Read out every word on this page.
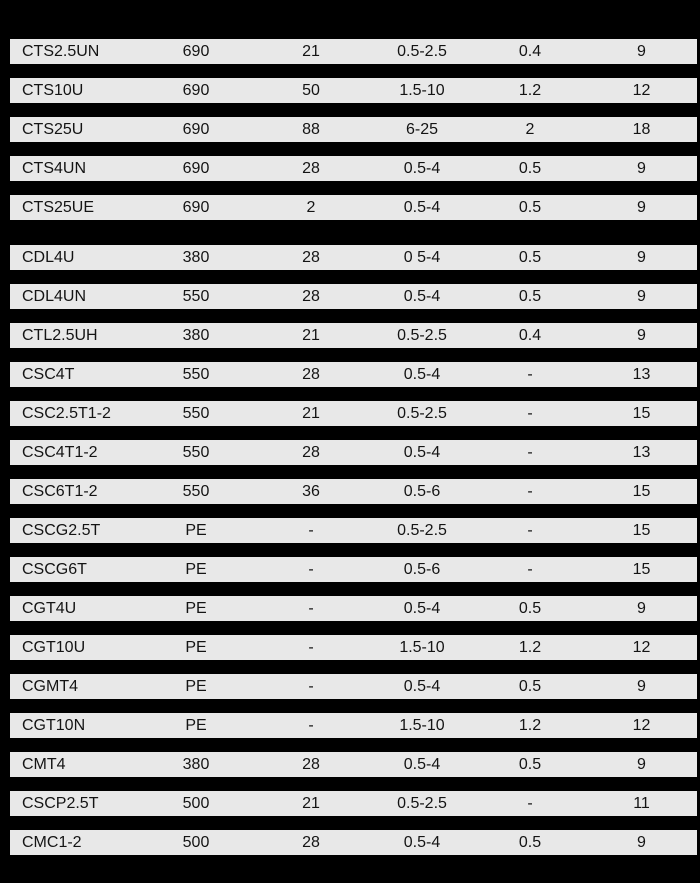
CTS2.5UN	690	21	0.5-2.5	0.4	9
CTS10U	690	50	1.5-10	1.2	12
CTS25U	690	88	6-25	2	18
CTS4UN	690	28	0.5-4	0.5	9
CTS25UE	690	2	0.5-4	0.5	9
CDL4U	380	28	0 5-4	0.5	9
CDL4UN	550	28	0.5-4	0.5	9
CTL2.5UH	380	21	0.5-2.5	0.4	9
CSC4T	550	28	0.5-4	-	13
CSC2.5T1-2	550	21	0.5-2.5	-	15
CSC4T1-2	550	28	0.5-4	-	13
CSC6T1-2	550	36	0.5-6	-	15
CSCG2.5T	PE	-	0.5-2.5	-	15
CSCG6T	PE	-	0.5-6	-	15
CGT4U	PE	-	0.5-4	0.5	9
CGT10U	PE	-	1.5-10	1.2	12
CGMT4	PE	-	0.5-4	0.5	9
CGT10N	PE	-	1.5-10	1.2	12
CMT4	380	28	0.5-4	0.5	9
CSCP2.5T	500	21	0.5-2.5	-	11
CMC1-2	500	28	0.5-4	0.5	9
